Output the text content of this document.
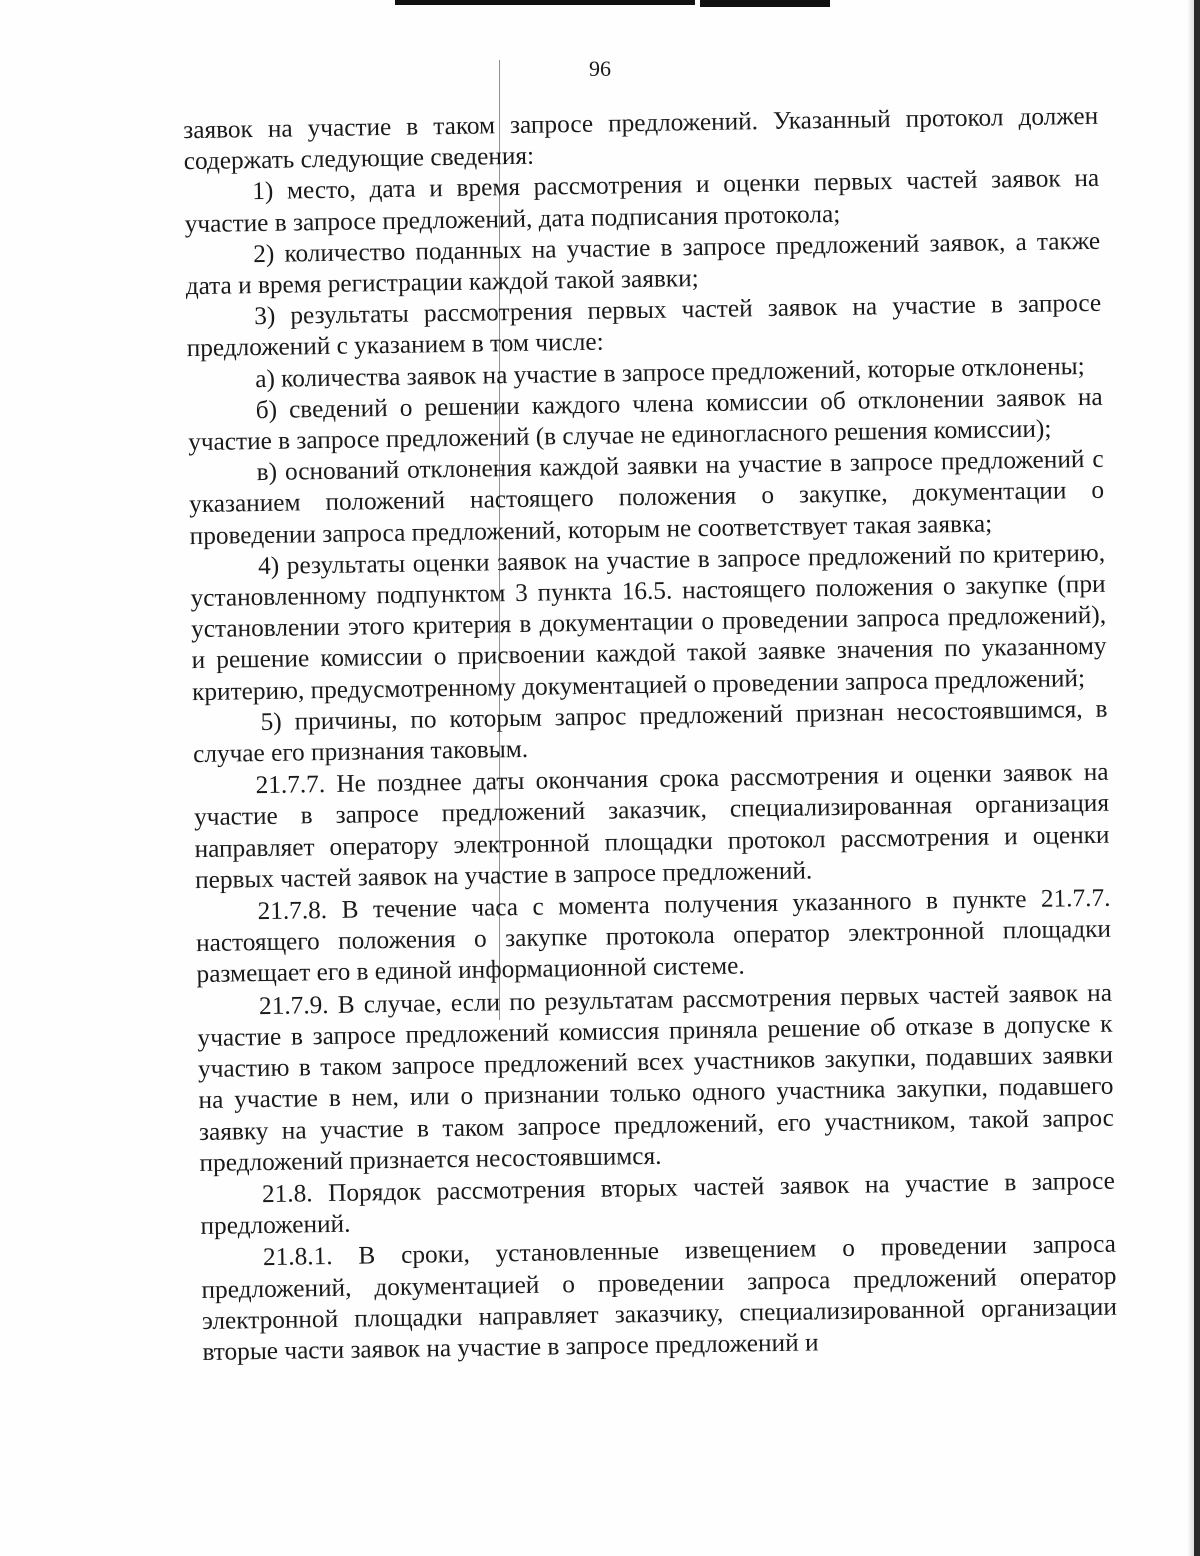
96

заявок на участие в таком запросе предложений. Указанный протокол должен содержать следующие сведения:

1) место, дата и время рассмотрения и оценки первых частей заявок на участие в запросе предложений, дата подписания протокола;

2) количество поданных на участие в запросе предложений заявок, а также дата и время регистрации каждой такой заявки;

3) результаты рассмотрения первых частей заявок на участие в запросе предложений с указанием в том числе:

а) количества заявок на участие в запросе предложений, которые отклонены;

б) сведений о решении каждого члена комиссии об отклонении заявок на участие в запросе предложений (в случае не единогласного решения комиссии);

в) оснований отклонения каждой заявки на участие в запросе предложений с указанием положений настоящего положения о закупке, документации о проведении запроса предложений, которым не соответствует такая заявка;

4) результаты оценки заявок на участие в запросе предложений по критерию, установленному подпунктом 3 пункта 16.5. настоящего положения о закупке (при установлении этого критерия в документации о проведении запроса предложений), и решение комиссии о присвоении каждой такой заявке значения по указанному критерию, предусмотренному документацией о проведении запроса предложений;

5) причины, по которым запрос предложений признан несостоявшимся, в случае его признания таковым.

21.7.7. Не позднее даты окончания срока рассмотрения и оценки заявок на участие в запросе предложений заказчик, специализированная организация направляет оператору электронной площадки протокол рассмотрения и оценки первых частей заявок на участие в запросе предложений.

21.7.8. В течение часа с момента получения указанного в пункте 21.7.7. настоящего положения о закупке протокола оператор электронной площадки размещает его в единой информационной системе.

21.7.9. В случае, если по результатам рассмотрения первых частей заявок на участие в запросе предложений комиссия приняла решение об отказе в допуске к участию в таком запросе предложений всех участников закупки, подавших заявки на участие в нем, или о признании только одного участника закупки, подавшего заявку на участие в таком запросе предложений, его участником, такой запрос предложений признается несостоявшимся.

21.8. Порядок рассмотрения вторых частей заявок на участие в запросе предложений.

21.8.1. В сроки, установленные извещением о проведении запроса предложений, документацией о проведении запроса предложений оператор электронной площадки направляет заказчику, специализированной организации вторые части заявок на участие в запросе предложений и
